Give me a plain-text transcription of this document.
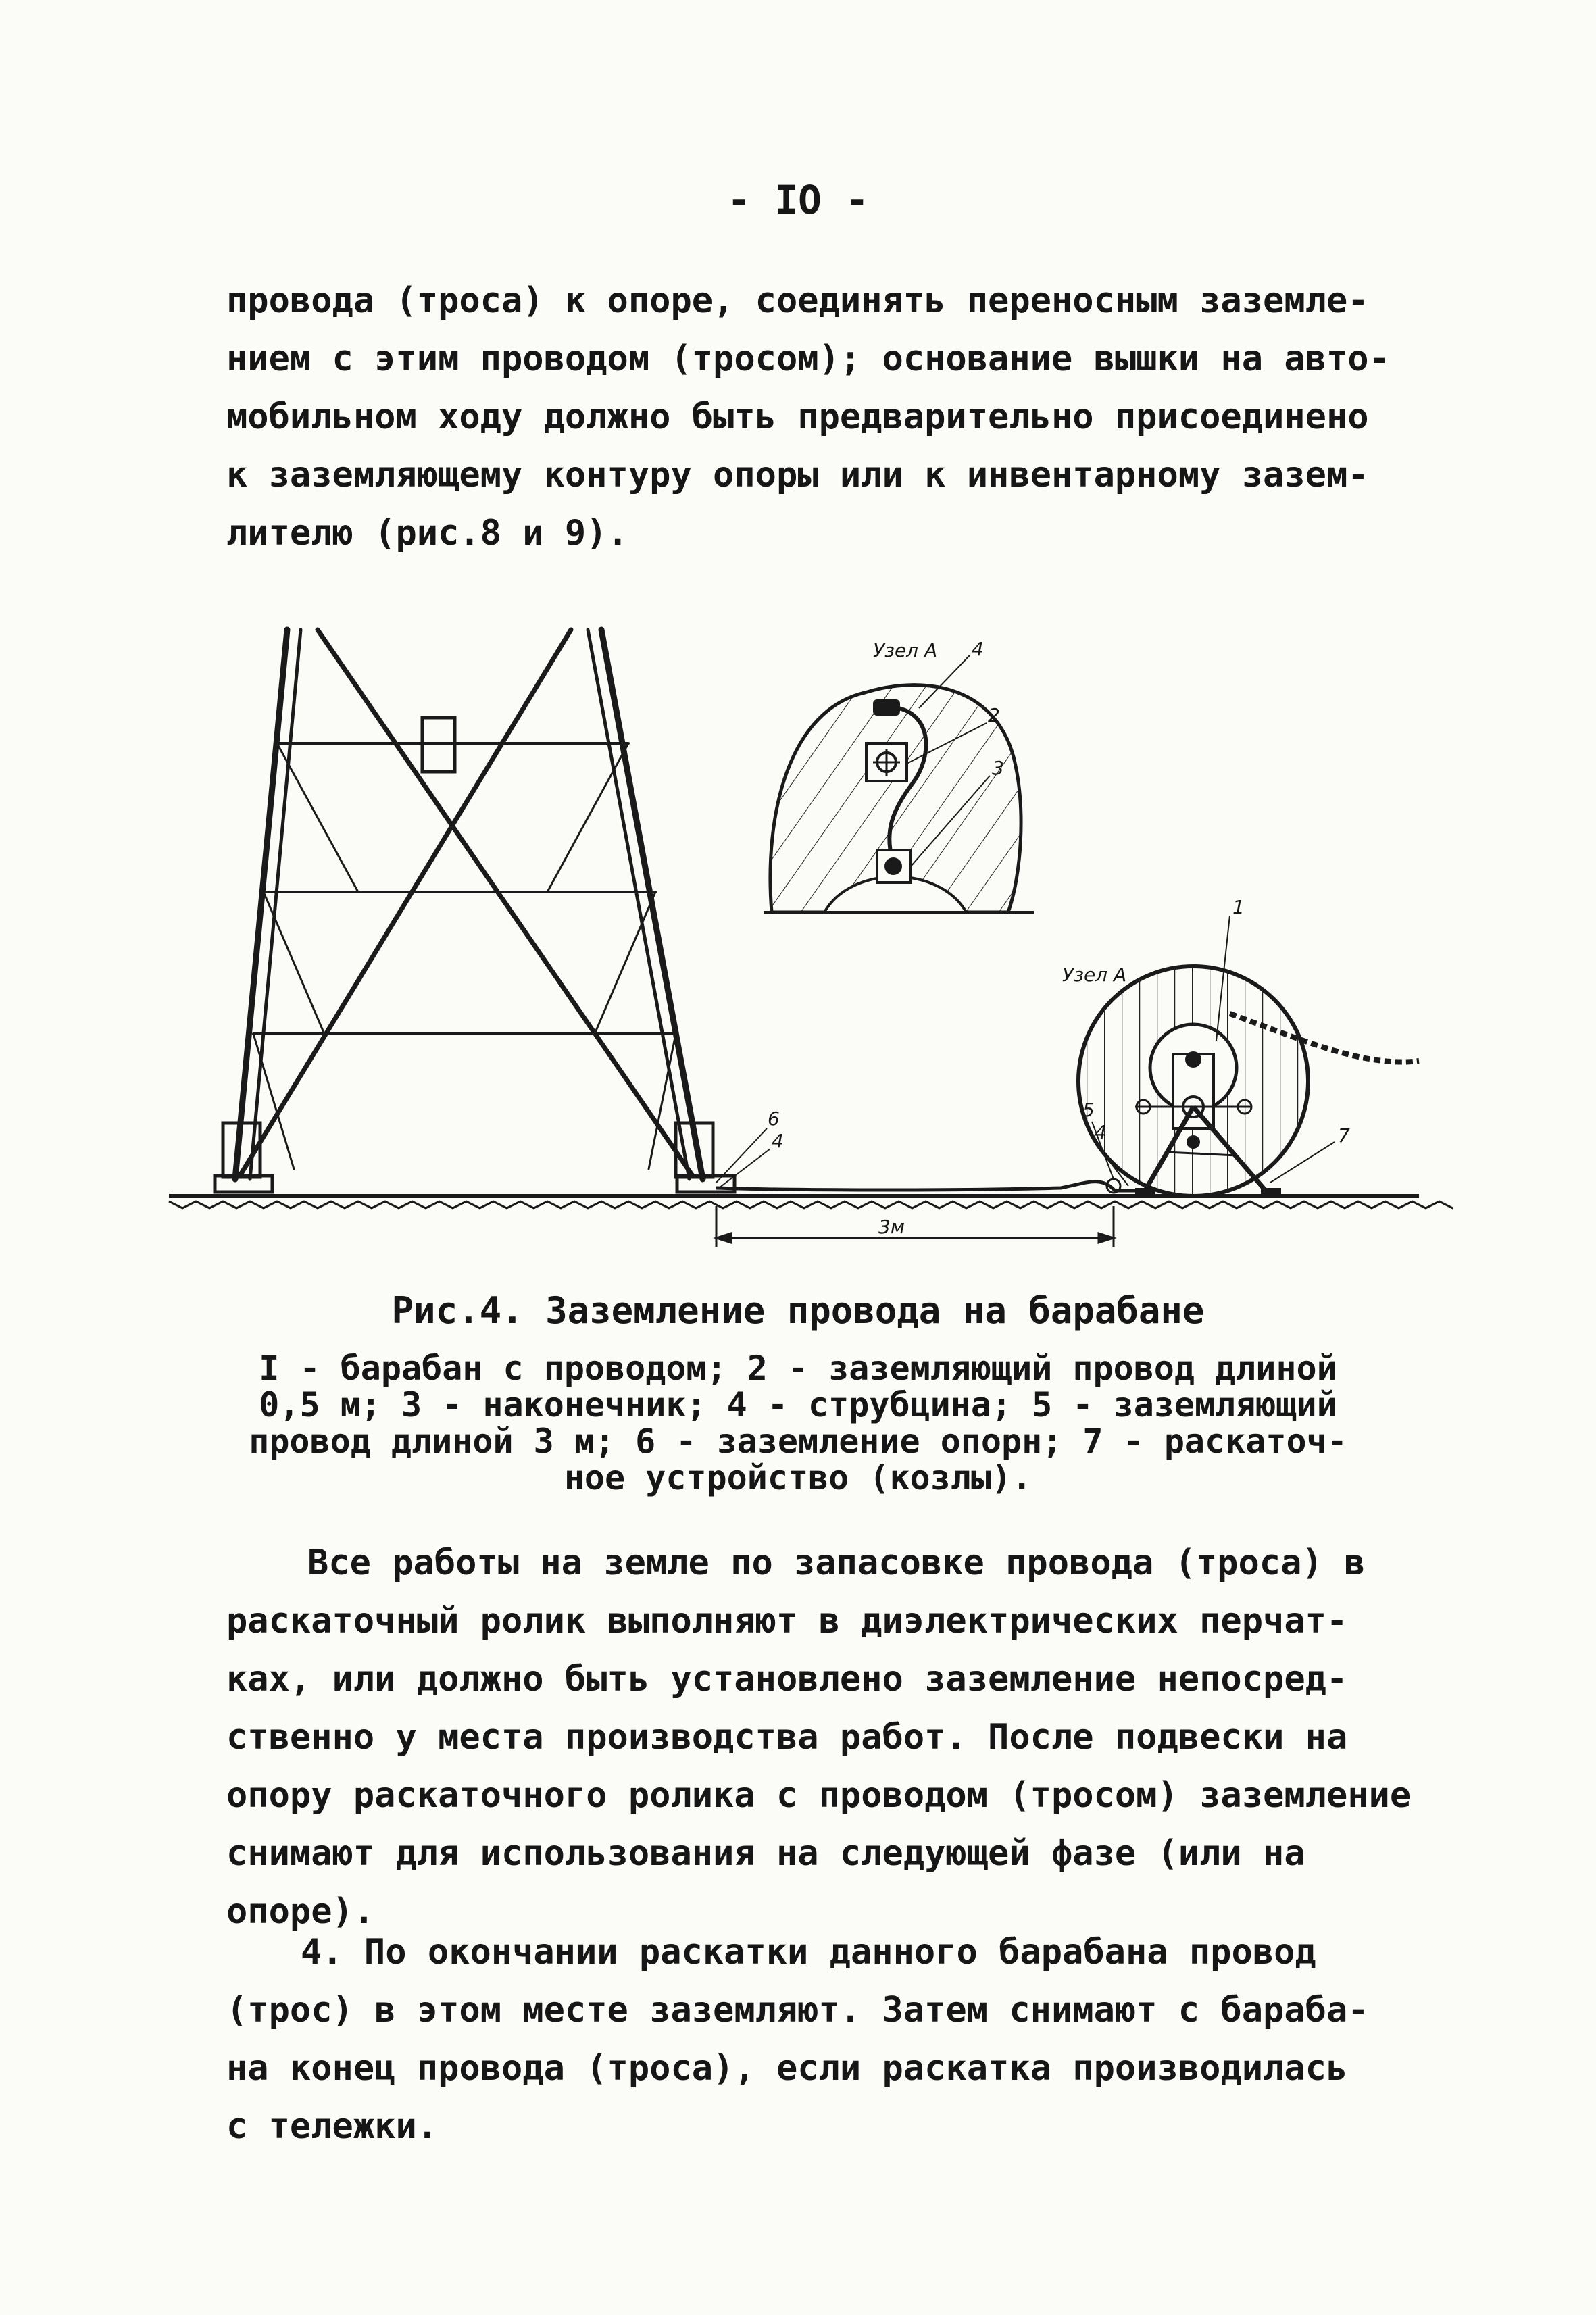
- IO -
провода (троса) к опоре, соединять переносным заземле-
нием с этим проводом (тросом); основание вышки на авто-
мобильном ходу должно быть предварительно присоединено
к заземляющему контуру опоры или к инвентарному зазем-
лителю (рис.8 и 9).
3м
Узел А 4
2
3
Узел А
1
7
5
4
6
4
Рис.4. Заземление провода на барабане
I - барабан с проводом; 2 - заземляющий провод длиной
0,5 м; 3 - наконечник; 4 - струбцина; 5 - заземляющий
провод длиной 3 м; 6 - заземление опорн; 7 - раскаточ-
ное устройство (козлы).
Все работы на земле по запасовке провода (троса) в
раскаточный ролик выполняют в диэлектрических перчат-
ках, или должно быть установлено заземление непосред-
ственно у места производства работ. После подвески на
опору раскаточного ролика с проводом (тросом) заземление
снимают для использования на следующей фазе (или на
опоре).
4. По окончании раскатки данного барабана провод
(трос) в этом месте заземляют. Затем снимают с бараба-
на конец провода (троса), если раскатка производилась
с тележки.
